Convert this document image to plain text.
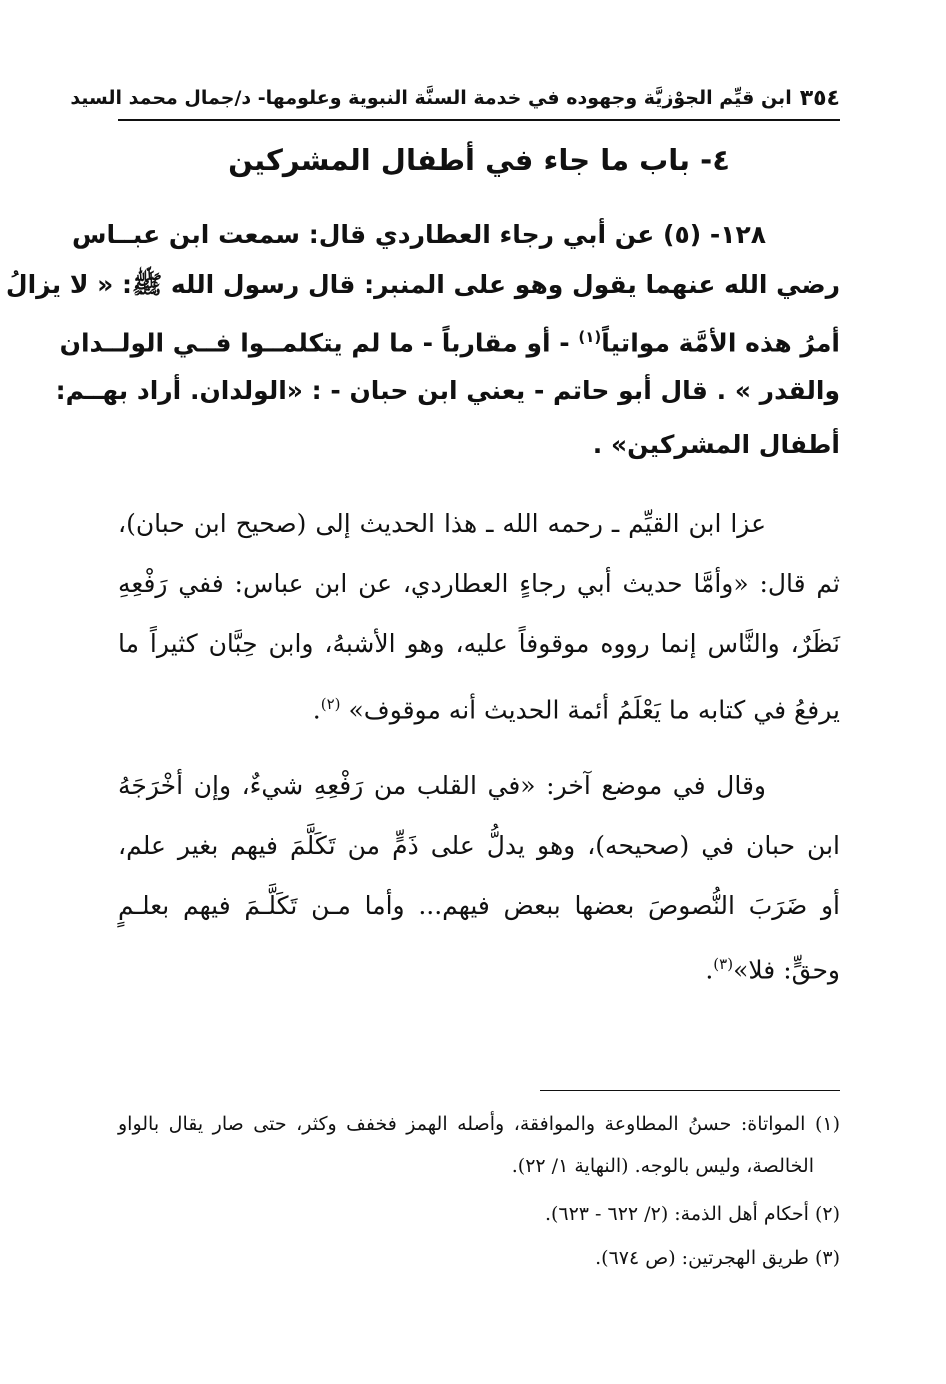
٣٥٤
ابن قيِّم الجوْزيَّة وجهوده في خدمة السنَّة النبوية وعلومها- د/جمال محمد السيد
٤- باب ما جاء في أطفال المشركين
١٢٨- (٥) عن أبي رجاء العطاردي قال: سمعت ابن عبــاس
رضي الله عنهما يقول وهو على المنبر: قال رسول الله ﷺ: « لا يزالُ
أمرُ هذه الأمَّة مواتياً$^{(١)}$ - أو مقارباً - ما لم يتكلمــوا فــي الولــدان
والقدر » . قال أبو حاتم - يعني ابن حبان - : «الولدان. أراد بهــم:
أطفال المشركين» .
عزا ابن القيِّم ـ رحمه الله ـ هذا الحديث إلى (صحيح ابن حبان)،
ثم قال: «وأمَّا حديث أبي رجاءٍ العطاردي، عن ابن عباس: ففي رَفْعِهِ
نَظَرٌ، والنَّاس إنما رووه موقوفاً عليه، وهو الأشبهُ، وابن حِبَّان كثيراً ما
يرفعُ في كتابه ما يَعْلَمُ أئمة الحديث أنه موقوف» $^{(٢)}$.
وقال في موضع آخر: «في القلب من رَفْعِهِ شيءٌ، وإن أخْرَجَهُ
ابن حبان في (صحيحه)، وهو يدلُّ على ذَمٍّ من تَكَلَّمَ فيهم بغير علم،
أو ضَرَبَ النُّصوصَ بعضها ببعض فيهم... وأما مـن تَكَلَّـمَ فيهم بعلـمٍ
وحقٍّ: فلا»$^{(٣)}$.
(١) المواتاة: حسنُ المطاوعة والموافقة، وأصله الهمز فخفف وكثر، حتى صار يقال بالواو
الخالصة، وليس بالوجه. (النهاية ١/ ٢٢).
(٢) أحكام أهل الذمة: (٢/ ٦٢٢ - ٦٢٣).
(٣) طريق الهجرتين: (ص ٦٧٤).
